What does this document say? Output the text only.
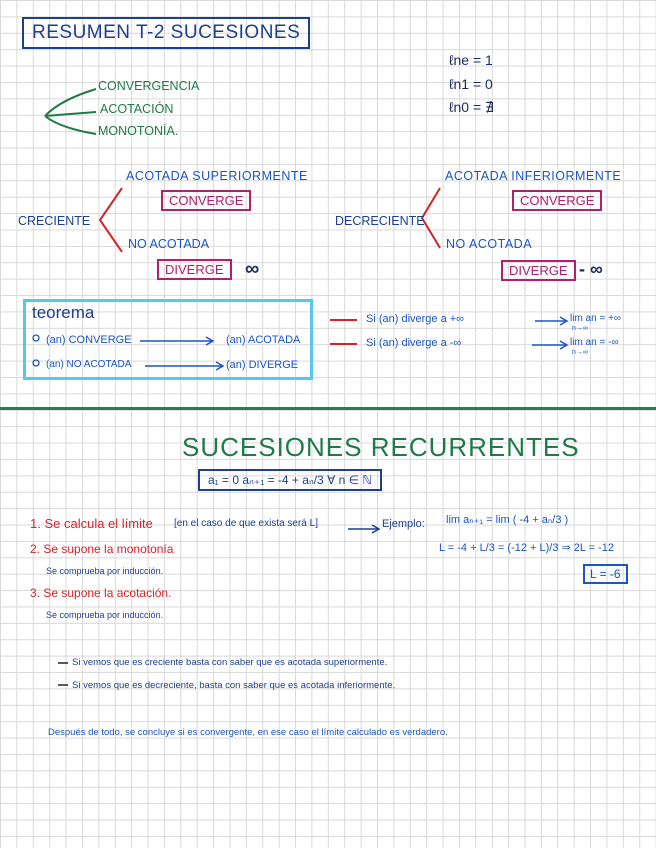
RESUMEN T-2 SUCESIONES
ℓne = 1
ℓn1 = 0
ℓn0 = ∄
CONVERGENCIA
ACOTACIÓN
MONOTONÍA.
CRECIENTE
ACOTADA SUPERIORMENTE
CONVERGE
NO ACOTADA
DIVERGE	∞
DECRECIENTE
ACOTADA INFERIORMENTE
CONVERGE
NO ACOTADA
DIVERGE - ∞
teorema
(an) CONVERGE	(an) ACOTADA
(an) NO ACOTADA	(an) DIVERGE
Si (an) diverge a +∞	lim an = +∞
n→∞
Si (an) diverge a -∞	lim an = -∞
n→∞
SUCESIONES RECURRENTES
a₁ = 0 aₙ₊₁ = -4 + aₙ/3 ∀ n ∈ ℕ
1. Se calcula el límite [en el caso de que exista será L]	Ejemplo: lim aₙ₊₁ = lim ( -4 + aₙ/3 )
L = -4 + L/3 = (-12 + L)/3 ⇒ 2L = -12
L = -6
2. Se supone la monotonía
Se comprueba por inducción.
3. Se supone la acotación.
Se comprueba por inducción.
Si vemos que es creciente basta con saber que es acotada superiormente.
Si vemos que es decreciente, basta con saber que es acotada inferiormente.
Después de todo, se concluye si es convergente, en ese caso el límite calculado es verdadero.
